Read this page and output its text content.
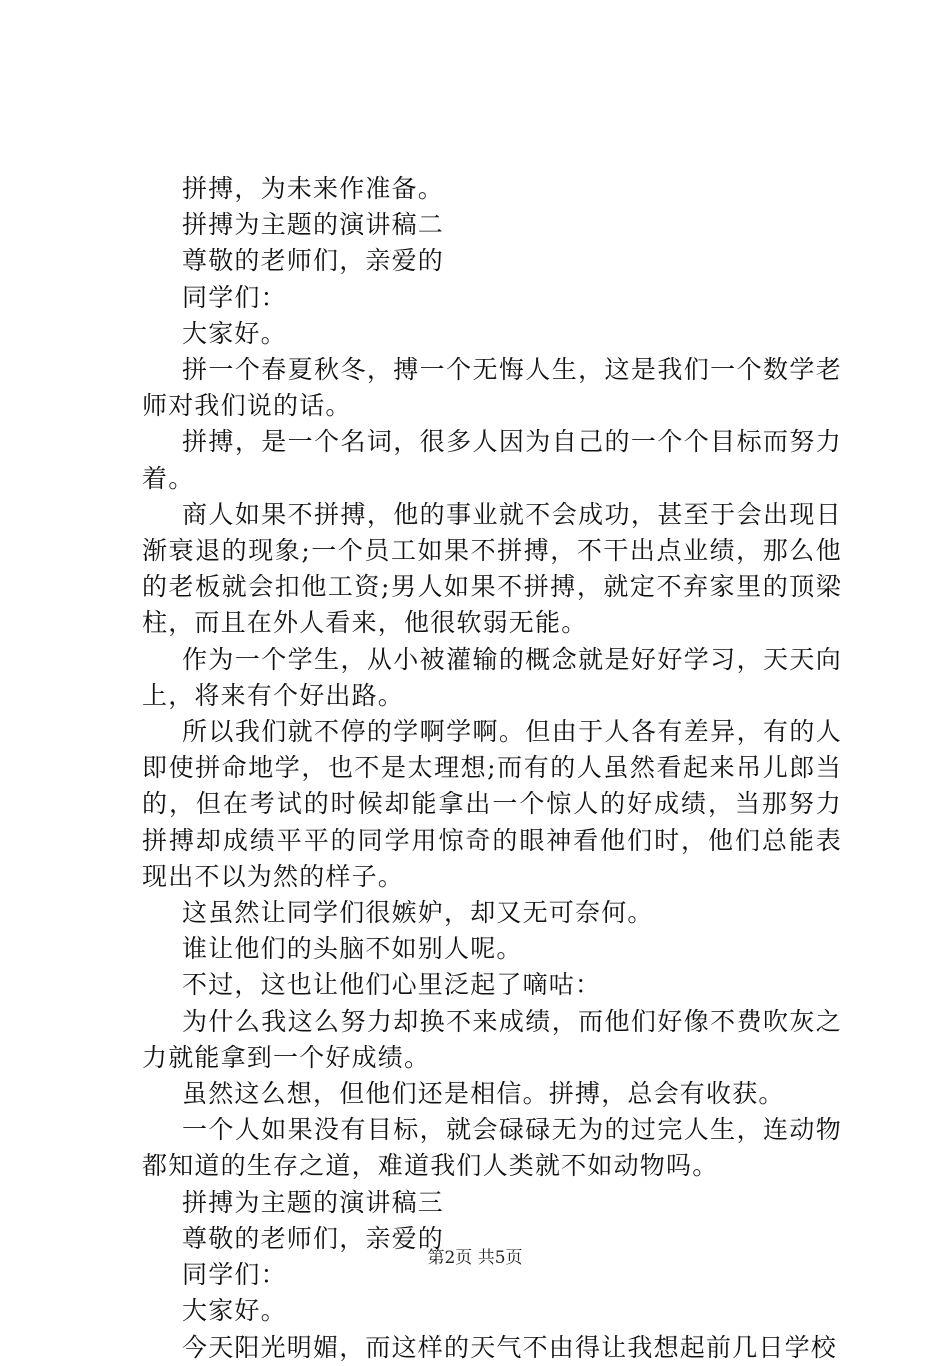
拼搏，为未来作准备。

拼搏为主题的演讲稿二

尊敬的老师们，亲爱的

同学们：

大家好。

拼一个春夏秋冬，搏一个无悔人生，这是我们一个数学老师对我们说的话。

拼搏，是一个名词，很多人因为自己的一个个目标而努力着。

商人如果不拼搏，他的事业就不会成功，甚至于会出现日渐衰退的现象;一个员工如果不拼搏，不干出点业绩，那么他的老板就会扣他工资;男人如果不拼搏，就定不弃家里的顶梁柱，而且在外人看来，他很软弱无能。

作为一个学生，从小被灌输的概念就是好好学习，天天向上，将来有个好出路。

所以我们就不停的学啊学啊。但由于人各有差异，有的人即使拼命地学，也不是太理想;而有的人虽然看起来吊儿郎当的，但在考试的时候却能拿出一个惊人的好成绩，当那努力拼搏却成绩平平的同学用惊奇的眼神看他们时，他们总能表现出不以为然的样子。

这虽然让同学们很嫉妒，却又无可奈何。

谁让他们的头脑不如别人呢。

不过，这也让他们心里泛起了嘀咕：

为什么我这么努力却换不来成绩，而他们好像不费吹灰之力就能拿到一个好成绩。

虽然这么想，但他们还是相信。拼搏，总会有收获。

一个人如果没有目标，就会碌碌无为的过完人生，连动物都知道的生存之道，难道我们人类就不如动物吗。

拼搏为主题的演讲稿三

尊敬的老师们，亲爱的

同学们：

大家好。

今天阳光明媚，而这样的天气不由得让我想起前几日学校

第2页 共5页
